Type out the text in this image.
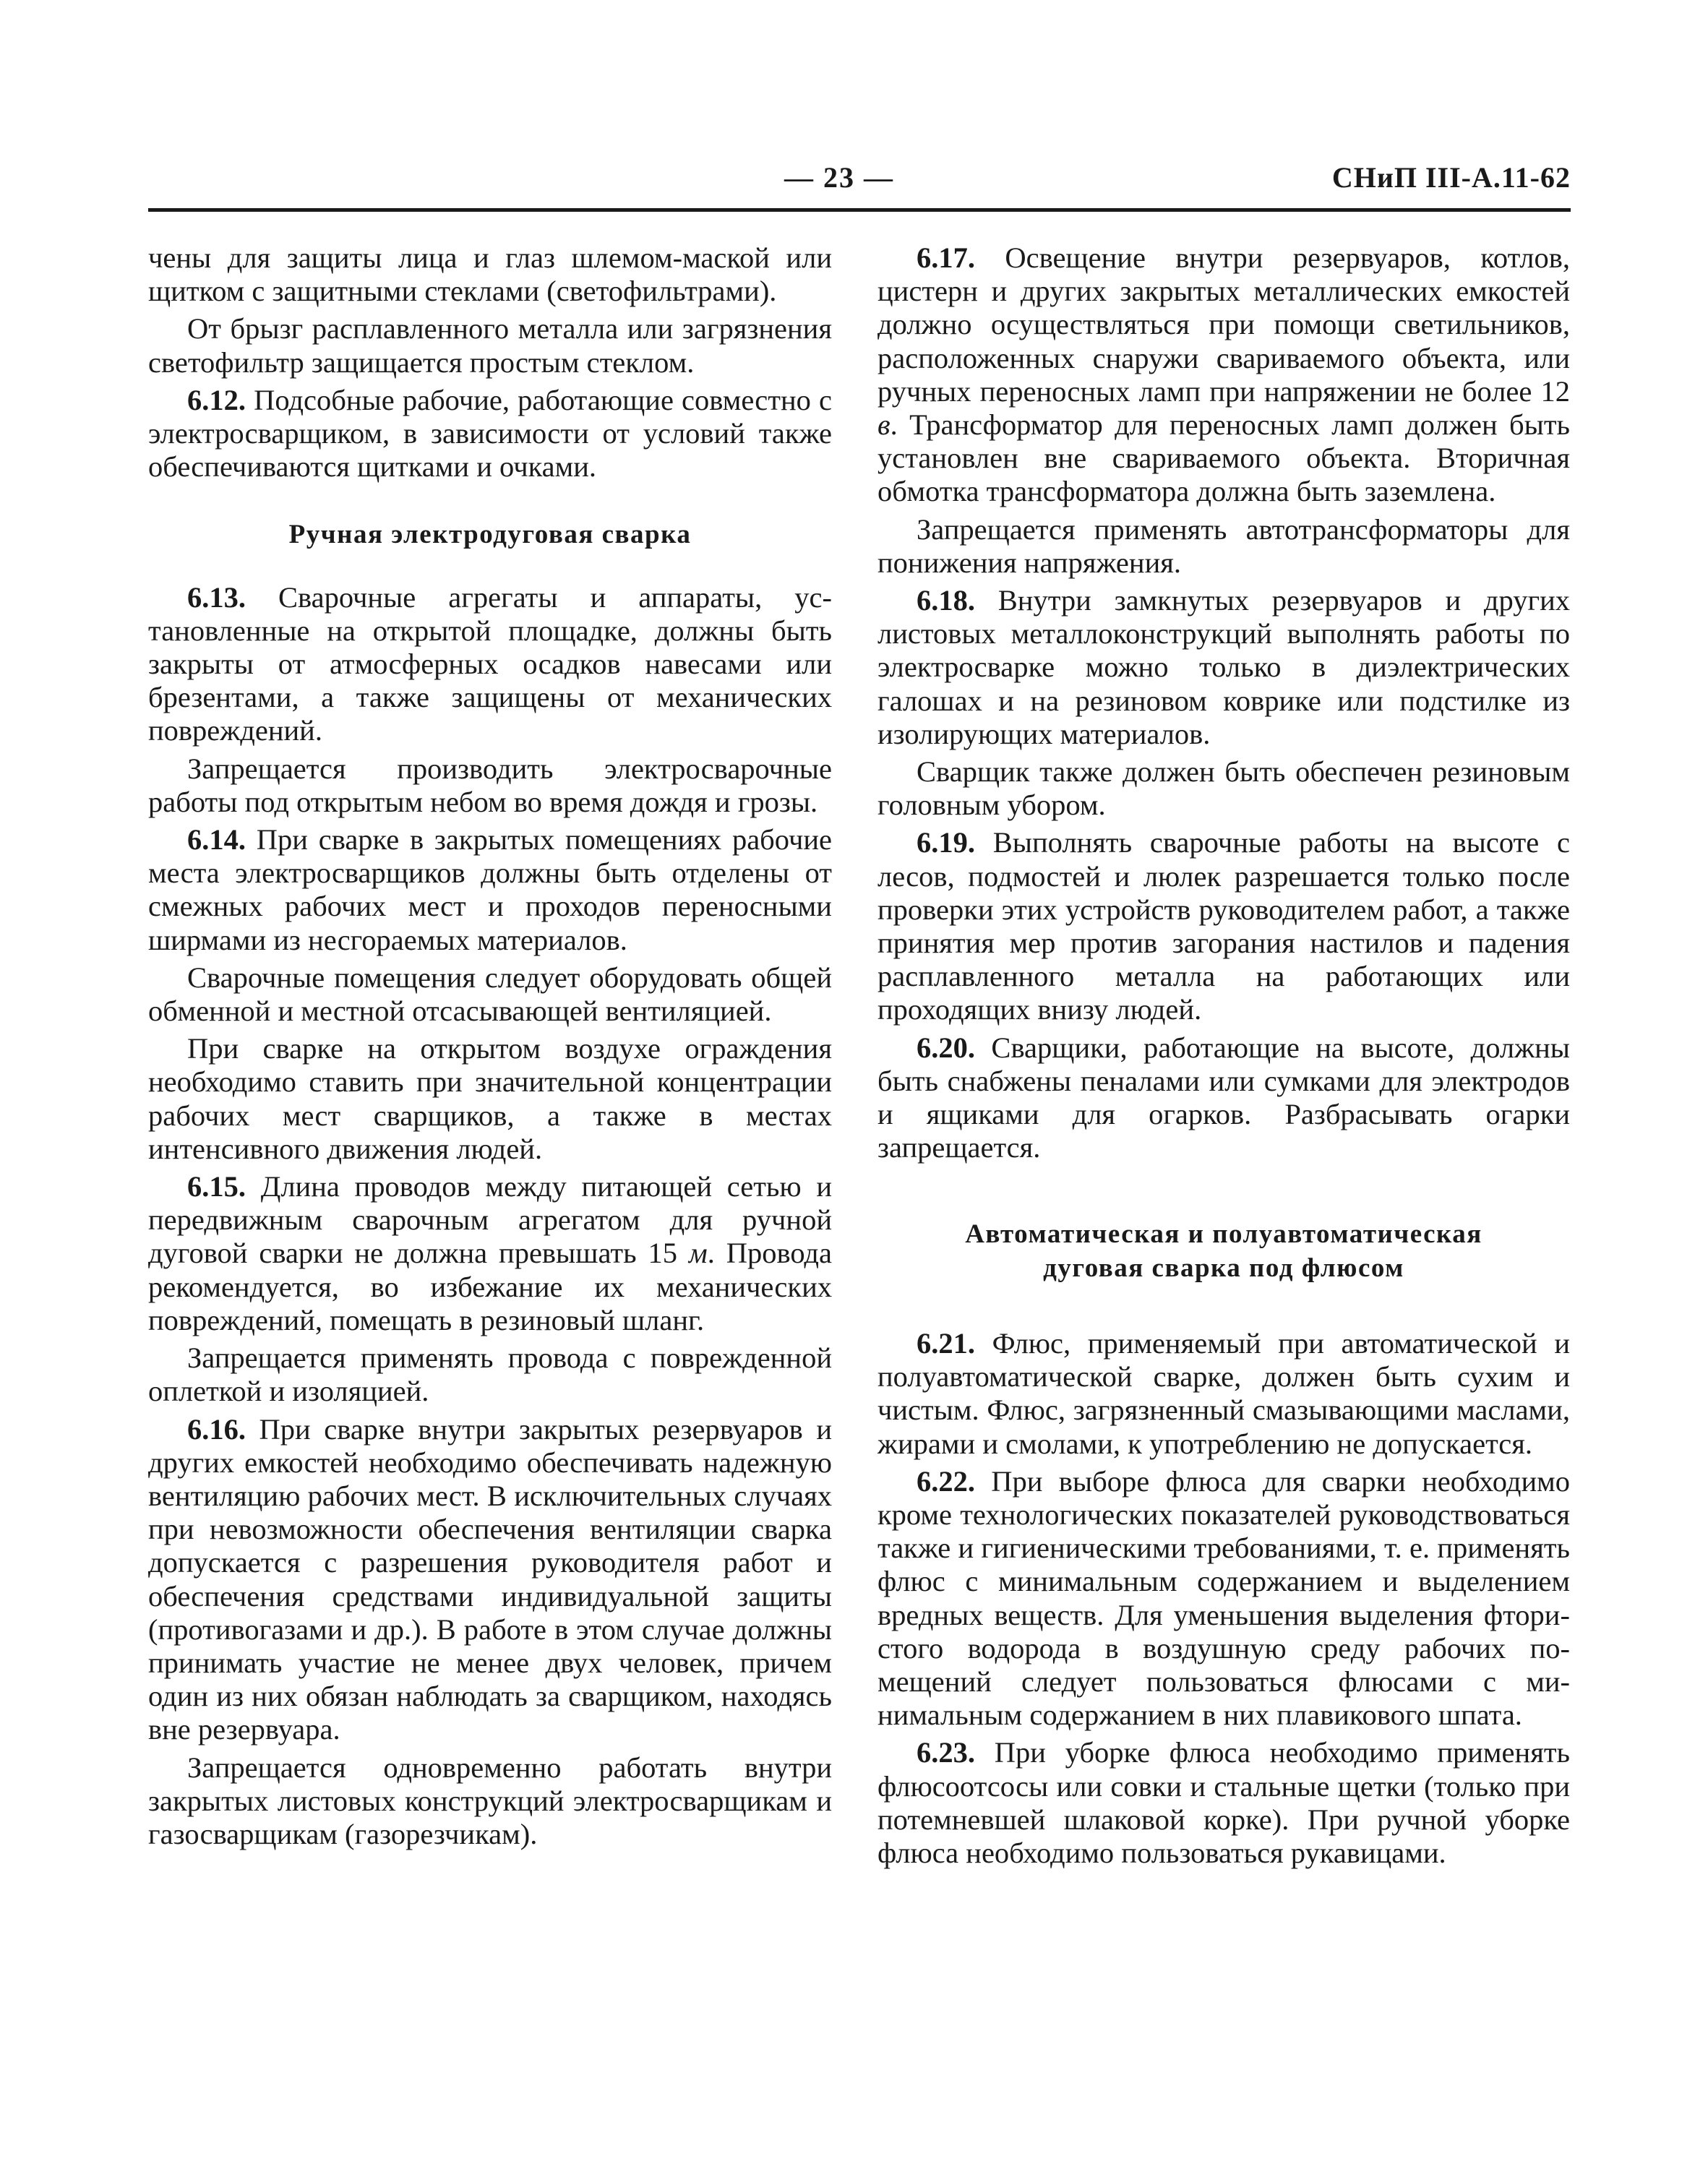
— 23 —	СНиП III-А.11-62

чены для защиты лица и глаз шлемом-маской или щитком с защитными стеклами (светофильтрами).

От брызг расплавленного металла или загрязнения светофильтр защищается простым стеклом.

6.12. Подсобные рабочие, работающие совместно с электросварщиком, в зависимости от условий также обеспечиваются щитками и очками.

Ручная электродуговая сварка

6.13. Сварочные агрегаты и аппараты, установленные на открытой площадке, должны быть закрыты от атмосферных осадков навесами или брезентами, а также защищены от механических повреждений.

Запрещается производить электросварочные работы под открытым небом во время дождя и грозы.

6.14. При сварке в закрытых помещениях рабочие места электросварщиков должны быть отделены от смежных рабочих мест и проходов переносными ширмами из несгораемых материалов.

Сварочные помещения следует оборудовать общей обменной и местной отсасывающей вентиляцией.

При сварке на открытом воздухе ограждения необходимо ставить при значительной концентрации рабочих мест сварщиков, а также в местах интенсивного движения людей.

6.15. Длина проводов между питающей сетью и передвижным сварочным агрегатом для ручной дуговой сварки не должна превышать 15 м. Провода рекомендуется, во избежание их механических повреждений, помещать в резиновый шланг.

Запрещается применять провода с поврежденной оплеткой и изоляцией.

6.16. При сварке внутри закрытых резервуаров и других емкостей необходимо обеспечивать надежную вентиляцию рабочих мест. В исключительных случаях при невозможности обеспечения вентиляции сварка допускается с разрешения руководителя работ и обеспечения средствами индивидуальной защиты (противогазами и др.). В работе в этом случае должны принимать участие не менее двух человек, причем один из них обязан наблюдать за сварщиком, находясь вне резервуара.

Запрещается одновременно работать внутри закрытых листовых конструкций электросварщикам и газосварщикам (газорезчикам).

6.17. Освещение внутри резервуаров, котлов, цистерн и других закрытых металлических емкостей должно осуществляться при помощи светильников, расположенных снаружи свариваемого объекта, или ручных переносных ламп при напряжении не более 12 в. Трансформатор для переносных ламп должен быть установлен вне свариваемого объекта. Вторичная обмотка трансформатора должна быть заземлена.

Запрещается применять автотрансформаторы для понижения напряжения.

6.18. Внутри замкнутых резервуаров и других листовых металлоконструкций выполнять работы по электросварке можно только в диэлектрических галошах и на резиновом коврике или подстилке из изолирующих материалов.

Сварщик также должен быть обеспечен резиновым головным убором.

6.19. Выполнять сварочные работы на высоте с лесов, подмостей и люлек разрешается только после проверки этих устройств руководителем работ, а также принятия мер против загорания настилов и падения расплавленного металла на работающих или проходящих внизу людей.

6.20. Сварщики, работающие на высоте, должны быть снабжены пеналами или сумками для электродов и ящиками для огарков. Разбрасывать огарки запрещается.

Автоматическая и полуавтоматическая
дуговая сварка под флюсом

6.21. Флюс, применяемый при автоматической и полуавтоматической сварке, должен быть сухим и чистым. Флюс, загрязненный смазывающими маслами, жирами и смолами, к употреблению не допускается.

6.22. При выборе флюса для сварки необходимо кроме технологических показателей руководствоваться также и гигиеническими требованиями, т. е. применять флюс с минимальным содержанием и выделением вредных веществ. Для уменьшения выделения фтористого водорода в воздушную среду рабочих помещений следует пользоваться флюсами с минимальным содержанием в них плавикового шпата.

6.23. При уборке флюса необходимо применять флюсоотсосы или совки и стальные щетки (только при потемневшей шлаковой корке). При ручной уборке флюса необходимо пользоваться рукавицами.
